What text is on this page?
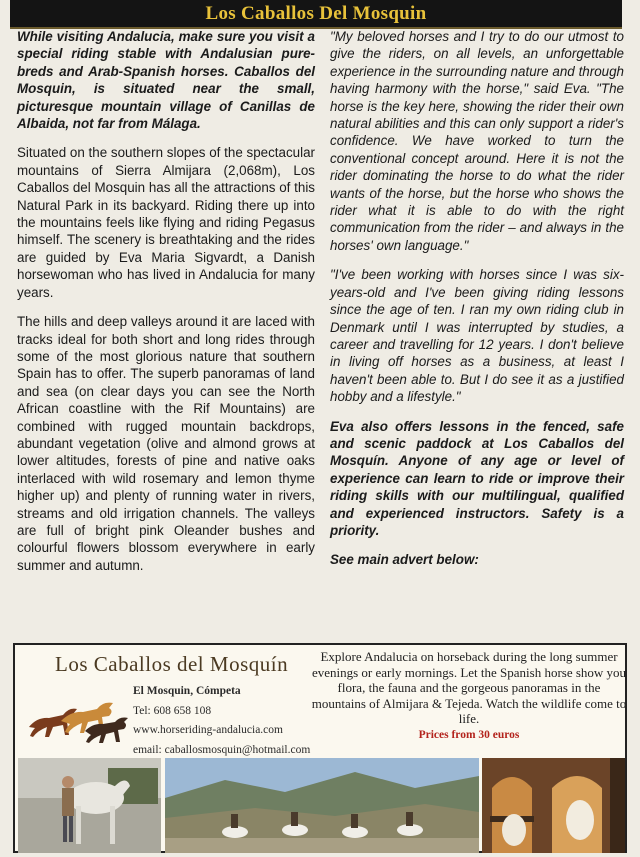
Los Caballos Del Mosquin

While visiting Andalucia, make sure you visit a special riding stable with Andalusian pure-breds and Arab-Spanish horses. Caballos del Mosquin, is situated near the small, picturesque mountain village of Canillas de Albaida, not far from Málaga.

Situated on the southern slopes of the spectacular mountains of Sierra Almijara (2,068m), Los Caballos del Mosquin has all the attractions of this Natural Park in its backyard. Riding there up into the mountains feels like flying and riding Pegasus himself. The scenery is breathtaking and the rides are guided by Eva Maria Sigvardt, a Danish horsewoman who has lived in Andalucia for many years.

The hills and deep valleys around it are laced with tracks ideal for both short and long rides through some of the most glorious nature that southern Spain has to offer. The superb panoramas of land and sea (on clear days you can see the North African coastline with the Rif Mountains) are combined with rugged mountain backdrops, abundant vegetation (olive and almond grows at lower altitudes, forests of pine and native oaks interlaced with wild rosemary and lemon thyme higher up) and plenty of running water in rivers, streams and old irrigation channels. The valleys are full of bright pink Oleander bushes and colourful flowers blossom everywhere in early summer and autumn.

"My beloved horses and I try to do our utmost to give the riders, on all levels, an unforgettable experience in the surrounding nature and through having harmony with the horse," said Eva. "The horse is the key here, showing the rider their own natural abilities and this can only support a rider's confidence. We have worked to turn the conventional concept around. Here it is not the rider dominating the horse to do what the rider wants of the horse, but the horse who shows the rider what it is able to do with the right communication from the rider – and always in the horses' own language."

"I've been working with horses since I was six-years-old and I've been giving riding lessons since the age of ten. I ran my own riding club in Denmark until I was interrupted by studies, a career and travelling for 12 years. I don't believe in living off horses as a business, at least I haven't been able to. But I do see it as a justified hobby and a lifestyle."

Eva also offers lessons in the fenced, safe and scenic paddock at Los Caballos del Mosquín. Anyone of any age or level of experience can learn to ride or improve their riding skills with our multilingual, qualified and experienced instructors. Safety is a priority.

See main advert below:

Los Caballos del Mosquín
El Mosquin, Cómpeta
Tel: 608 658 108
www.horseriding-andalucia.com
email: caballosmosquin@hotmail.com
Explore Andalucia on horseback during the long summer evenings or early mornings. Let the Spanish horse show you flora, the fauna and the gorgeous panoramas in the mountains of Almijara & Tejeda. Watch the wildlife come to life.
Prices from 30 euros
